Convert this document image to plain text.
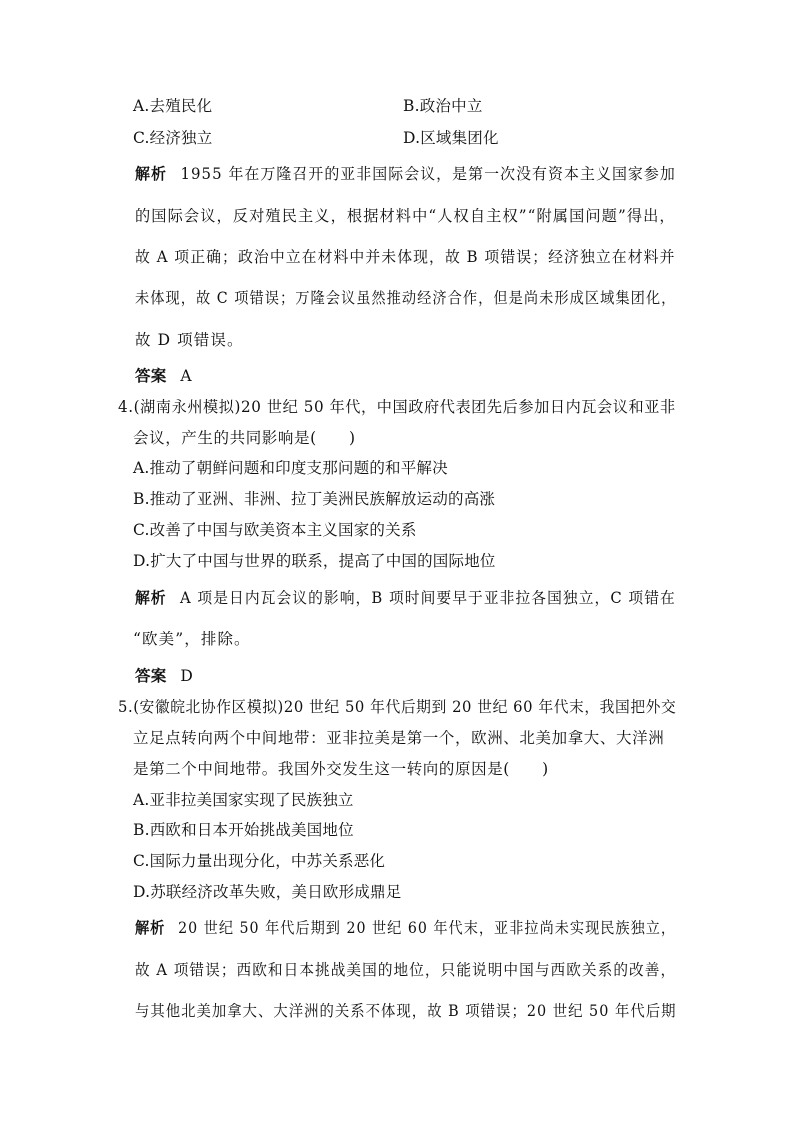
A.去殖民化	B.政治中立
C.经济独立	D.区域集团化
解析 1955 年在万隆召开的亚非国际会议，是第一次没有资本主义国家参加
的国际会议，反对殖民主义，根据材料中“人权自主权”“附属国问题”得出，
故 A 项正确；政治中立在材料中并未体现，故 B 项错误；经济独立在材料并
未体现，故 C 项错误；万隆会议虽然推动经济合作，但是尚未形成区域集团化，
故 D 项错误。
答案 A
4.(湖南永州模拟)20 世纪 50 年代，中国政府代表团先后参加日内瓦会议和亚非
会议，产生的共同影响是(　　)
A.推动了朝鲜问题和印度支那问题的和平解决
B.推动了亚洲、非洲、拉丁美洲民族解放运动的高涨
C.改善了中国与欧美资本主义国家的关系
D.扩大了中国与世界的联系，提高了中国的国际地位
解析 A 项是日内瓦会议的影响，B 项时间要早于亚非拉各国独立，C 项错在
“欧美”，排除。
答案 D
5.(安徽皖北协作区模拟)20 世纪 50 年代后期到 20 世纪 60 年代末，我国把外交
立足点转向两个中间地带：亚非拉美是第一个，欧洲、北美加拿大、大洋洲
是第二个中间地带。我国外交发生这一转向的原因是(　　)
A.亚非拉美国家实现了民族独立
B.西欧和日本开始挑战美国地位
C.国际力量出现分化，中苏关系恶化
D.苏联经济改革失败，美日欧形成鼎足
解析 20 世纪 50 年代后期到 20 世纪 60 年代末，亚非拉尚未实现民族独立，
故 A 项错误；西欧和日本挑战美国的地位，只能说明中国与西欧关系的改善，
与其他北美加拿大、大洋洲的关系不体现，故 B 项错误；20 世纪 50 年代后期
